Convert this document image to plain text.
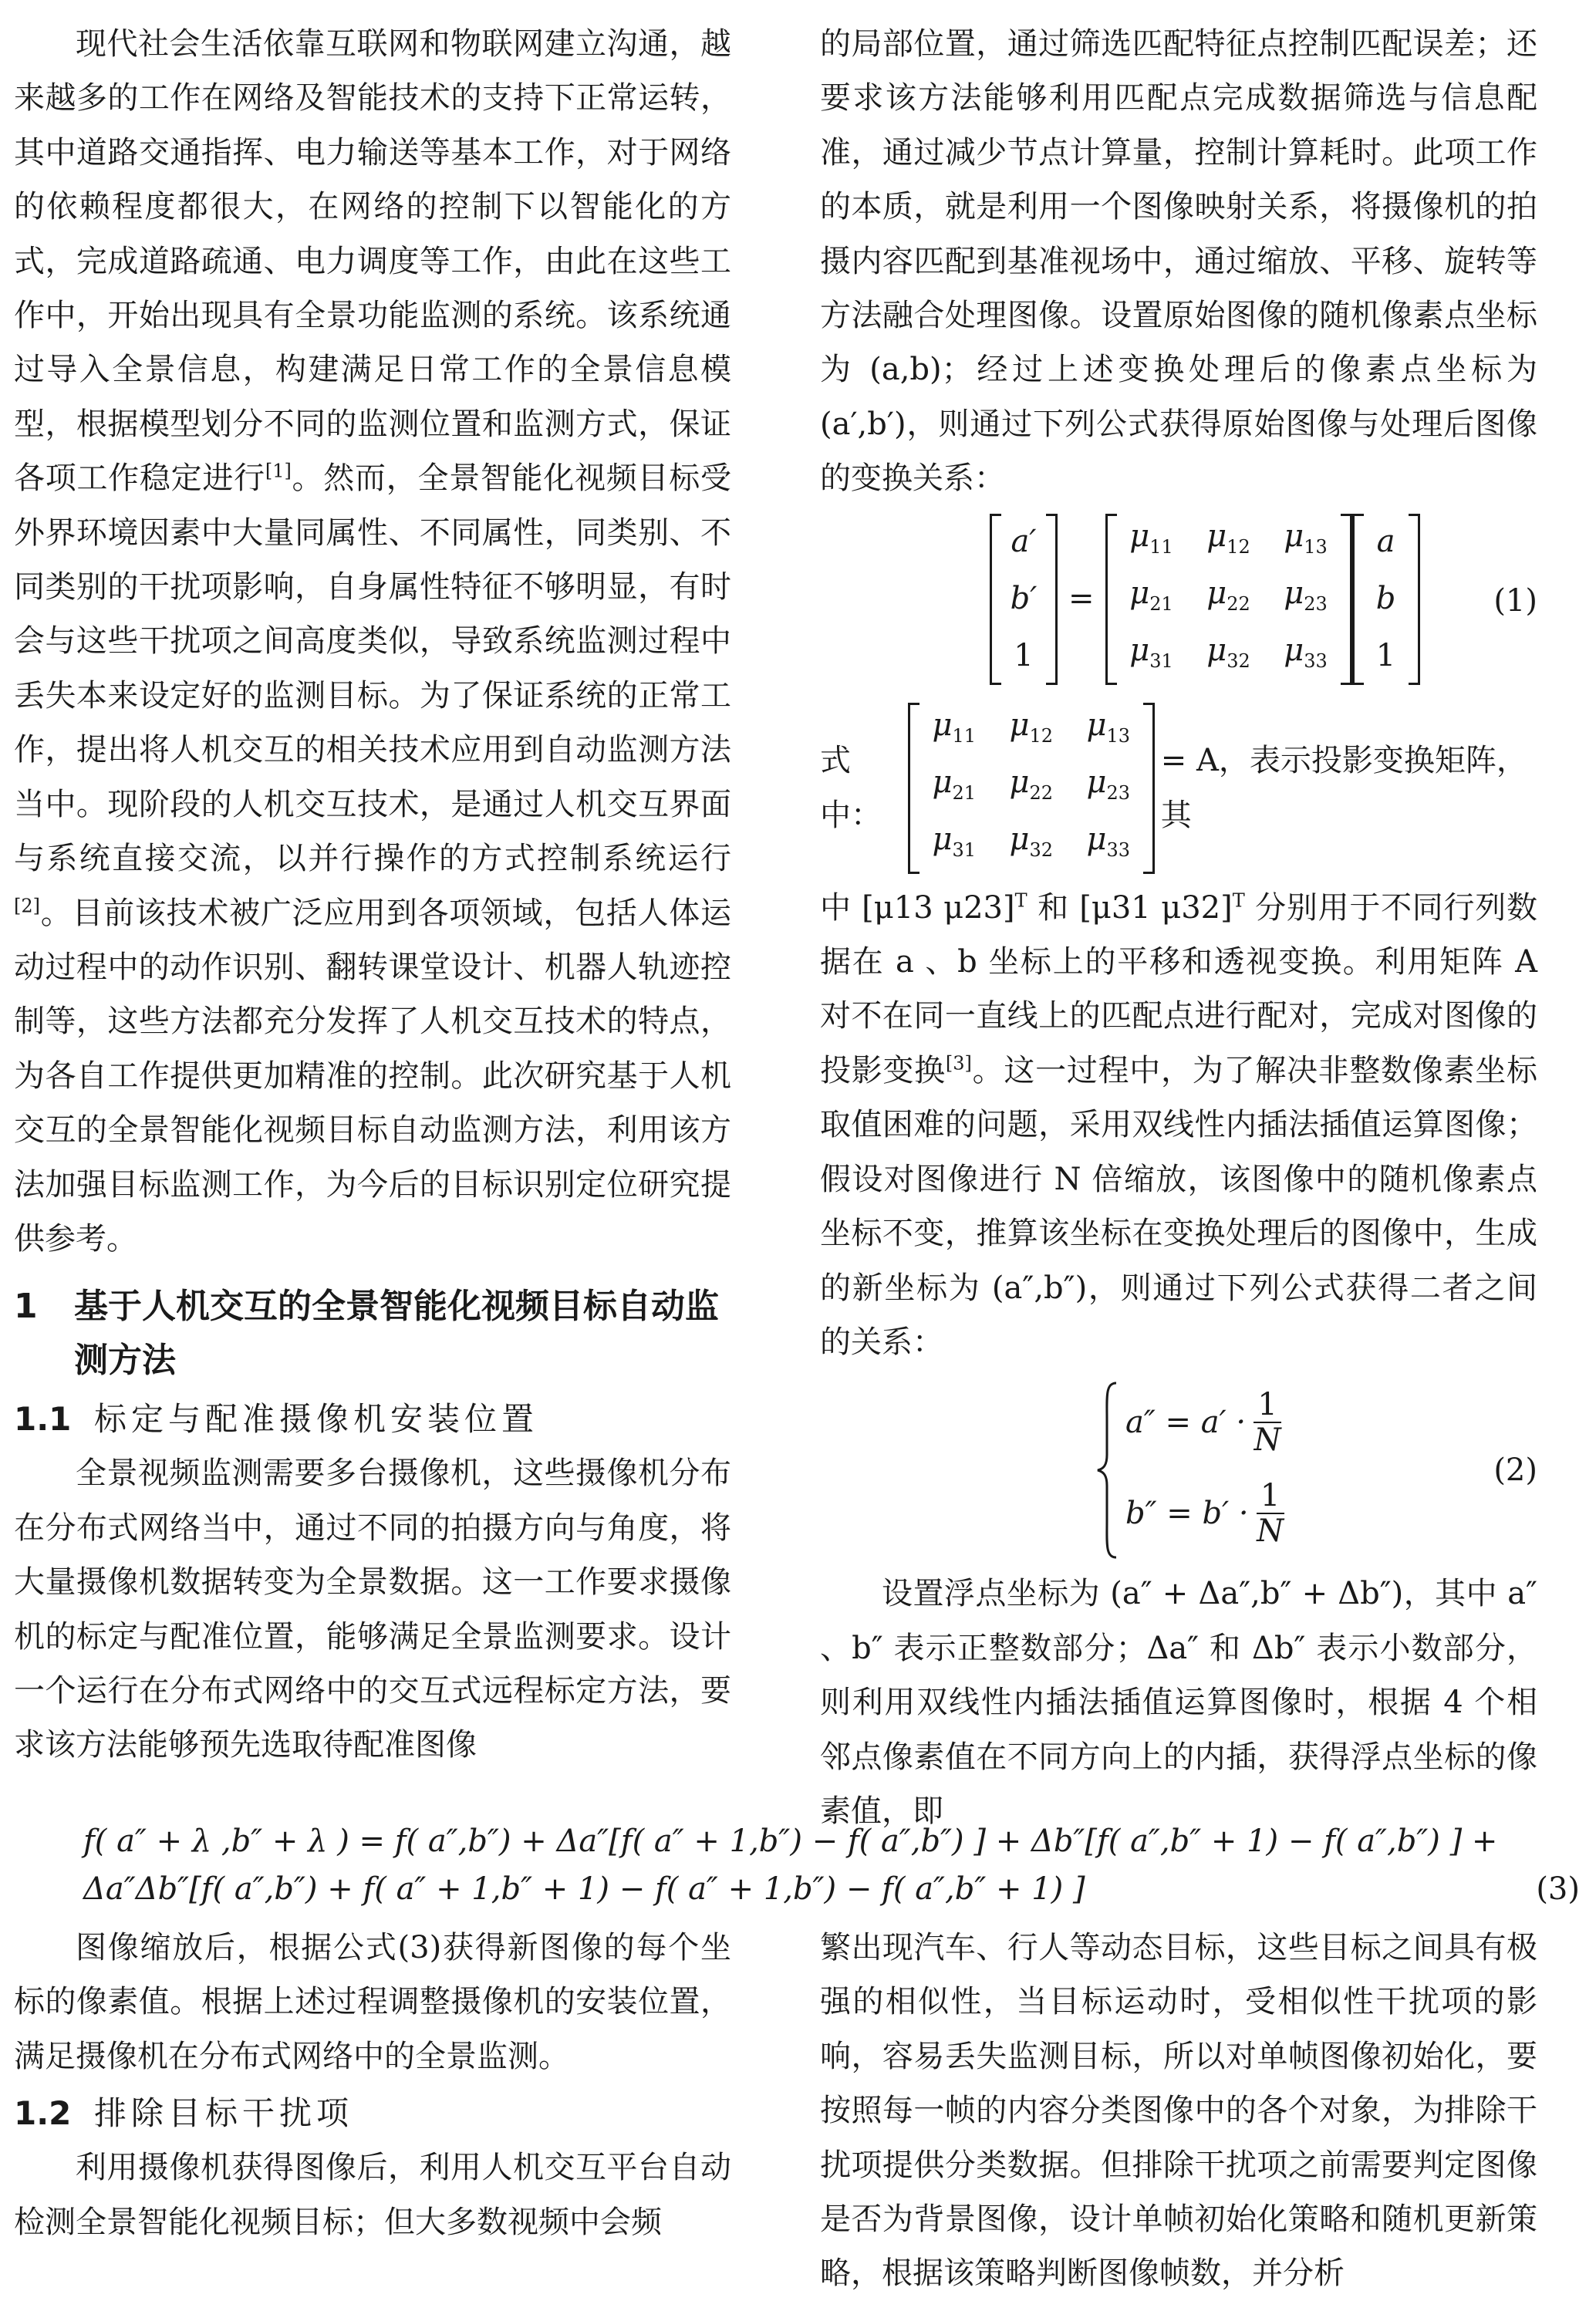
现代社会生活依靠互联网和物联网建立沟通，越来越多的工作在网络及智能技术的支持下正常运转，其中道路交通指挥、电力输送等基本工作，对于网络的依赖程度都很大，在网络的控制下以智能化的方式，完成道路疏通、电力调度等工作，由此在这些工作中，开始出现具有全景功能监测的系统。该系统通过导入全景信息，构建满足日常工作的全景信息模型，根据模型划分不同的监测位置和监测方式，保证各项工作稳定进行[1]。然而，全景智能化视频目标受外界环境因素中大量同属性、不同属性，同类别、不同类别的干扰项影响，自身属性特征不够明显，有时会与这些干扰项之间高度类似，导致系统监测过程中丢失本来设定好的监测目标。为了保证系统的正常工作，提出将人机交互的相关技术应用到自动监测方法当中。现阶段的人机交互技术，是通过人机交互界面与系统直接交流，以并行操作的方式控制系统运行[2]。目前该技术被广泛应用到各项领域，包括人体运动过程中的动作识别、翻转课堂设计、机器人轨迹控制等，这些方法都充分发挥了人机交互技术的特点，为各自工作提供更加精准的控制。此次研究基于人机交互的全景智能化视频目标自动监测方法，利用该方法加强目标监测工作，为今后的目标识别定位研究提供参考。

1	基于人机交互的全景智能化视频目标自动监测方法
1.1 标定与配准摄像机安装位置

全景视频监测需要多台摄像机，这些摄像机分布在分布式网络当中，通过不同的拍摄方向与角度，将大量摄像机数据转变为全景数据。这一工作要求摄像机的标定与配准位置，能够满足全景监测要求。设计一个运行在分布式网络中的交互式远程标定方法，要求该方法能够预先选取待配准图像

的局部位置，通过筛选匹配特征点控制匹配误差；还要求该方法能够利用匹配点完成数据筛选与信息配准，通过减少节点计算量，控制计算耗时。此项工作的本质，就是利用一个图像映射关系，将摄像机的拍摄内容匹配到基准视场中，通过缩放、平移、旋转等方法融合处理图像。设置原始图像的随机像素点坐标为 (a,b)；经过上述变换处理后的像素点坐标为 (a′,b′)，则通过下列公式获得原始图像与处理后图像的变换关系：

a′
b′
1
=
$\mu_{11}$	$\mu_{12}$	$\mu_{13}$
$\mu_{21}$	$\mu_{22}$	$\mu_{23}$
$\mu_{31}$	$\mu_{32}$	$\mu_{33}$
a
b
1
(1)
式中：
$\mu_{11}$	$\mu_{12}$	$\mu_{13}$
$\mu_{21}$	$\mu_{22}$	$\mu_{23}$
$\mu_{31}$	$\mu_{32}$	$\mu_{33}$
= A，表示投影变换矩阵，其

中 [μ13 μ23]$^T$ 和 [μ31 μ32]$^T$ 分别用于不同行列数据在 a 、b 坐标上的平移和透视变换。利用矩阵 A 对不在同一直线上的匹配点进行配对，完成对图像的投影变换[3]。这一过程中，为了解决非整数像素坐标取值困难的问题，采用双线性内插法插值运算图像；假设对图像进行 N 倍缩放，该图像中的随机像素点坐标不变，推算该坐标在变换处理后的图像中，生成的新坐标为 (a″,b″)，则通过下列公式获得二者之间的关系：

$a'' = a' \cdot \frac{1}{N}$
$b'' = b' \cdot \frac{1}{N}$
(2)

设置浮点坐标为 (a″ + Δa″,b″ + Δb″)，其中 a″ 、b″ 表示正整数部分；Δa″ 和 Δb″ 表示小数部分，则利用双线性内插法插值运算图像时，根据 4 个相邻点像素值在不同方向上的内插，获得浮点坐标的像素值，即

f( a″ + λ ,b″ + λ ) = f( a″,b″) + Δa″[f( a″ + 1,b″) − f( a″,b″) ] + Δb″[f( a″,b″ + 1) − f( a″,b″) ] +
Δa″Δb″[f( a″,b″) + f( a″ + 1,b″ + 1) − f( a″ + 1,b″) − f( a″,b″ + 1) ]	(3)

图像缩放后，根据公式(3)获得新图像的每个坐标的像素值。根据上述过程调整摄像机的安装位置，满足摄像机在分布式网络中的全景监测。

1.2 排除目标干扰项

利用摄像机获得图像后，利用人机交互平台自动检测全景智能化视频目标；但大多数视频中会频

繁出现汽车、行人等动态目标，这些目标之间具有极强的相似性，当目标运动时，受相似性干扰项的影响，容易丢失监测目标，所以对单帧图像初始化，要按照每一帧的内容分类图像中的各个对象，为排除干扰项提供分类数据。但排除干扰项之前需要判定图像是否为背景图像，设计单帧初始化策略和随机更新策略，根据该策略判断图像帧数，并分析
